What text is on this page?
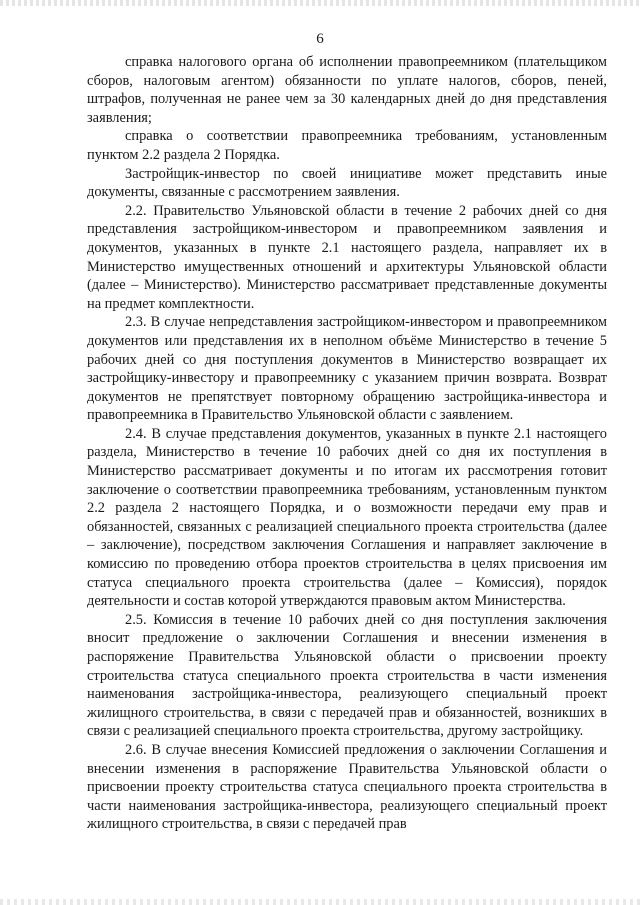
6

справка налогового органа об исполнении правопреемником (плательщиком сборов, налоговым агентом) обязанности по уплате налогов, сборов, пеней, штрафов, полученная не ранее чем за 30 календарных дней до дня представления заявления;

справка о соответствии правопреемника требованиям, установленным пунктом 2.2 раздела 2 Порядка.

Застройщик-инвестор по своей инициативе может представить иные документы, связанные с рассмотрением заявления.

2.2. Правительство Ульяновской области в течение 2 рабочих дней со дня представления застройщиком-инвестором и правопреемником заявления и документов, указанных в пункте 2.1 настоящего раздела, направляет их в Министерство имущественных отношений и архитектуры Ульяновской области (далее – Министерство). Министерство рассматривает представленные документы на предмет комплектности.

2.3. В случае непредставления застройщиком-инвестором и правопреемником документов или представления их в неполном объёме Министерство в течение 5 рабочих дней со дня поступления документов в Министерство возвращает их застройщику-инвестору и правопреемнику с указанием причин возврата. Возврат документов не препятствует повторному обращению застройщика-инвестора и правопреемника в Правительство Ульяновской области с заявлением.

2.4. В случае представления документов, указанных в пункте 2.1 настоящего раздела, Министерство в течение 10 рабочих дней со дня их поступления в Министерство рассматривает документы и по итогам их рассмотрения готовит заключение о соответствии правопреемника требованиям, установленным пунктом 2.2 раздела 2 настоящего Порядка, и о возможности передачи ему прав и обязанностей, связанных с реализацией специального проекта строительства (далее – заключение), посредством заключения Соглашения и направляет заключение в комиссию по проведению отбора проектов строительства в целях присвоения им статуса специального проекта строительства (далее – Комиссия), порядок деятельности и состав которой утверждаются правовым актом Министерства.

2.5. Комиссия в течение 10 рабочих дней со дня поступления заключения вносит предложение о заключении Соглашения и внесении изменения в распоряжение Правительства Ульяновской области о присвоении проекту строительства статуса специального проекта строительства в части изменения наименования застройщика-инвестора, реализующего специальный проект жилищного строительства, в связи с передачей прав и обязанностей, возникших в связи с реализацией специального проекта строительства, другому застройщику.

2.6. В случае внесения Комиссией предложения о заключении Соглашения и внесении изменения в распоряжение Правительства Ульяновской области о присвоении проекту строительства статуса специального проекта строительства в части наименования застройщика-инвестора, реализующего специальный проект жилищного строительства, в связи с передачей прав
